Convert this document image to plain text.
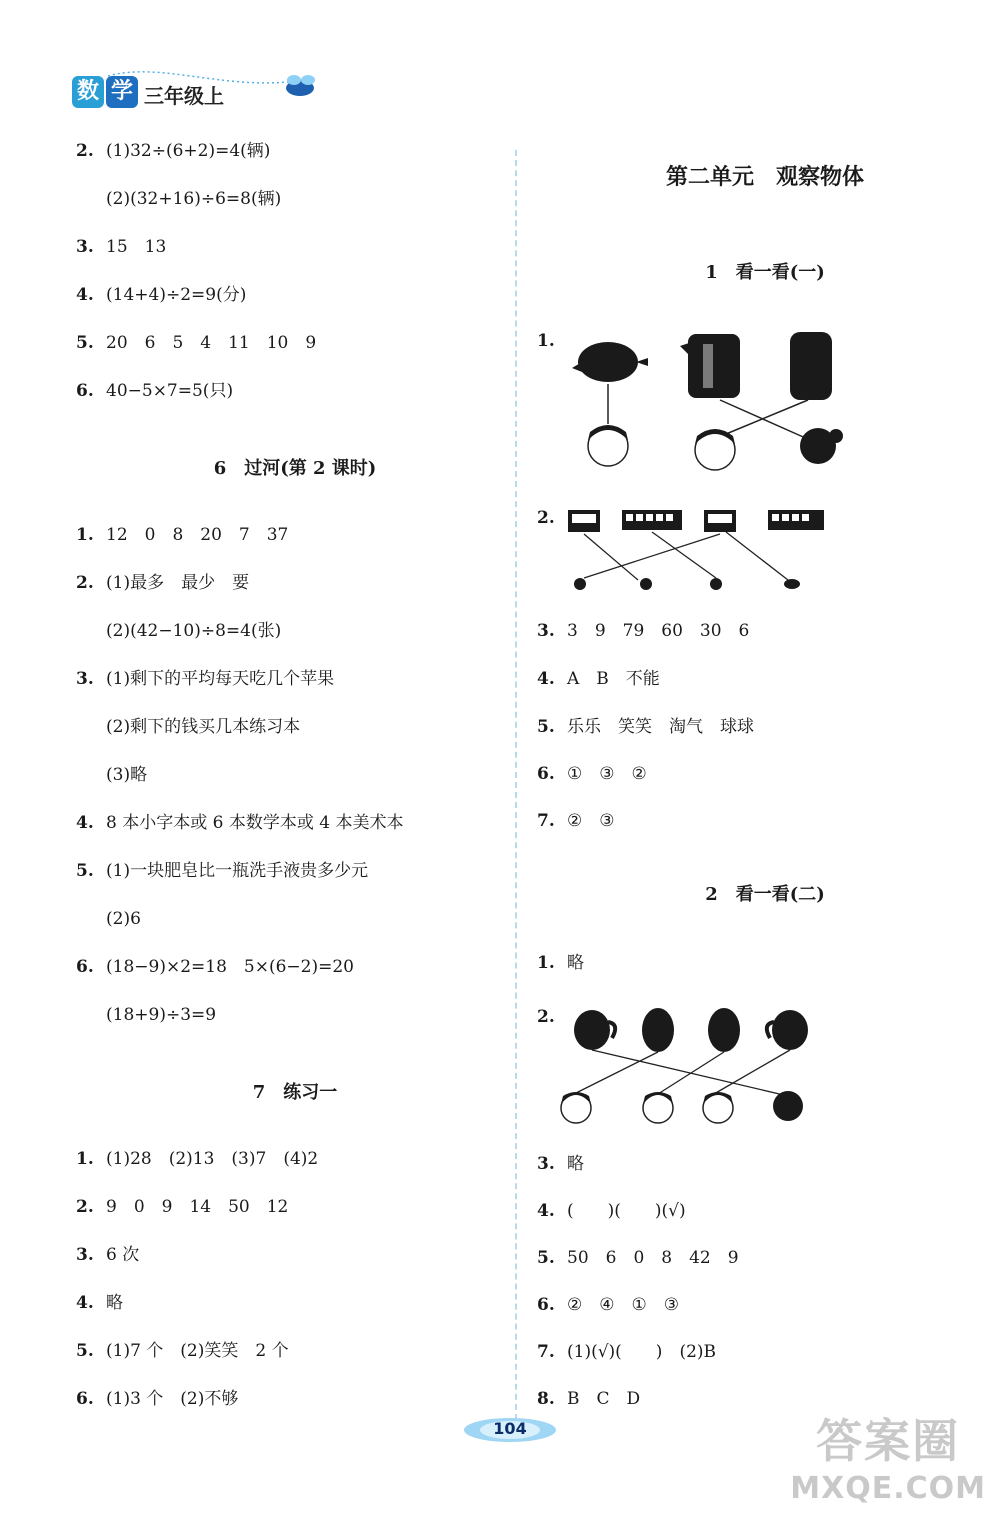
数 学 三年级上
2. (1)32÷(6+2)=4(辆)
(2)(32+16)÷6=8(辆)
3. 15　13
4. (14+4)÷2=9(分)
5. 20　6　5　4　11　10　9
6. 40−5×7=5(只)
6　过河(第 2 课时)
1. 12　0　8　20　7　37
2. (1)最多　最少　要
(2)(42−10)÷8=4(张)
3. (1)剩下的平均每天吃几个苹果
(2)剩下的钱买几本练习本
(3)略
4. 8 本小字本或 6 本数学本或 4 本美术本
5. (1)一块肥皂比一瓶洗手液贵多少元
(2)6
6. (18−9)×2=18　5×(6−2)=20
(18+9)÷3=9
7　练习一
1. (1)28　(2)13　(3)7　(4)2
2. 9　0　9　14　50　12
3. 6 次
4. 略
5. (1)7 个　(2)笑笑　2 个
6. (1)3 个　(2)不够
第二单元　观察物体
1　看一看(一)
1.
2.
3. 3　9　79　60　30　6
4. A　B　不能
5. 乐乐　笑笑　淘气　球球
6. ①　③　②
7. ②　③
2　看一看(二)
1. 略
2.
3. 略
4. (　　)(　　)(√)
5. 50　6　0　8　42　9
6. ②　④　①　③
7. (1)(√)(　　)　(2)B
8. B　C　D
104	答案圈
MXQE.COM
